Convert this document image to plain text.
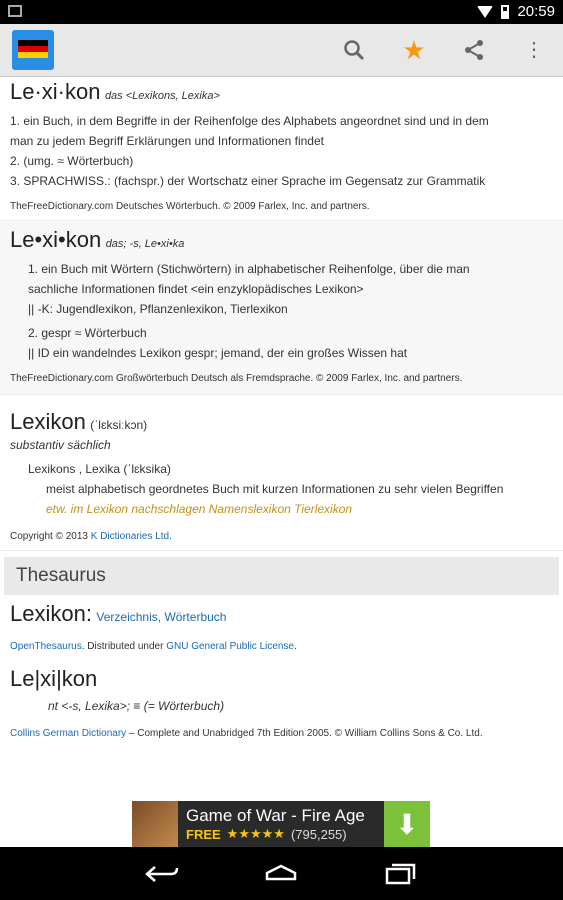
20:59
★	⋮
Le·xi·kon das <Lexikons, Lexika>
1. ein Buch, in dem Begriffe in der Reihenfolge des Alphabets angeordnet sind und in dem
man zu jedem Begriff Erklärungen und Informationen findet
2. (umg. ≈ Wörterbuch)
3. SPRACHWISS.: (fachspr.) der Wortschatz einer Sprache im Gegensatz zur Grammatik
TheFreeDictionary.com Deutsches Wörterbuch. © 2009 Farlex, Inc. and partners.
Le•xi•kon das; -s, Le•xi•ka
1. ein Buch mit Wörtern (Stichwörtern) in alphabetischer Reihenfolge, über die man
sachliche Informationen findet <ein enzyklopädisches Lexikon>
|| -K: Jugendlexikon, Pflanzenlexikon, Tierlexikon
2. gespr ≈ Wörterbuch
|| ID ein wandelndes Lexikon gespr; jemand, der ein großes Wissen hat
TheFreeDictionary.com Großwörterbuch Deutsch als Fremdsprache. © 2009 Farlex, Inc. and partners.
Lexikon (ˈlɛksiːkɔn)
substantiv sächlich
Lexikons , Lexika (ˈlɛksika)
meist alphabetisch geordnetes Buch mit kurzen Informationen zu sehr vielen Begriffen
etw. im Lexikon nachschlagen Namenslexikon Tierlexikon
Copyright © 2013 K Dictionaries Ltd.
Thesaurus
Lexikon: Verzeichnis, Wörterbuch
OpenThesaurus. Distributed under GNU General Public License.
Le|xi|kon
nt <-s, Lexika>; ≡ (= Wörterbuch)
Collins German Dictionary – Complete and Unabridged 7th Edition 2005. © William Collins Sons & Co. Ltd.
Game of War - Fire Age
FREE ★★★★★ (795,255)	⬇
